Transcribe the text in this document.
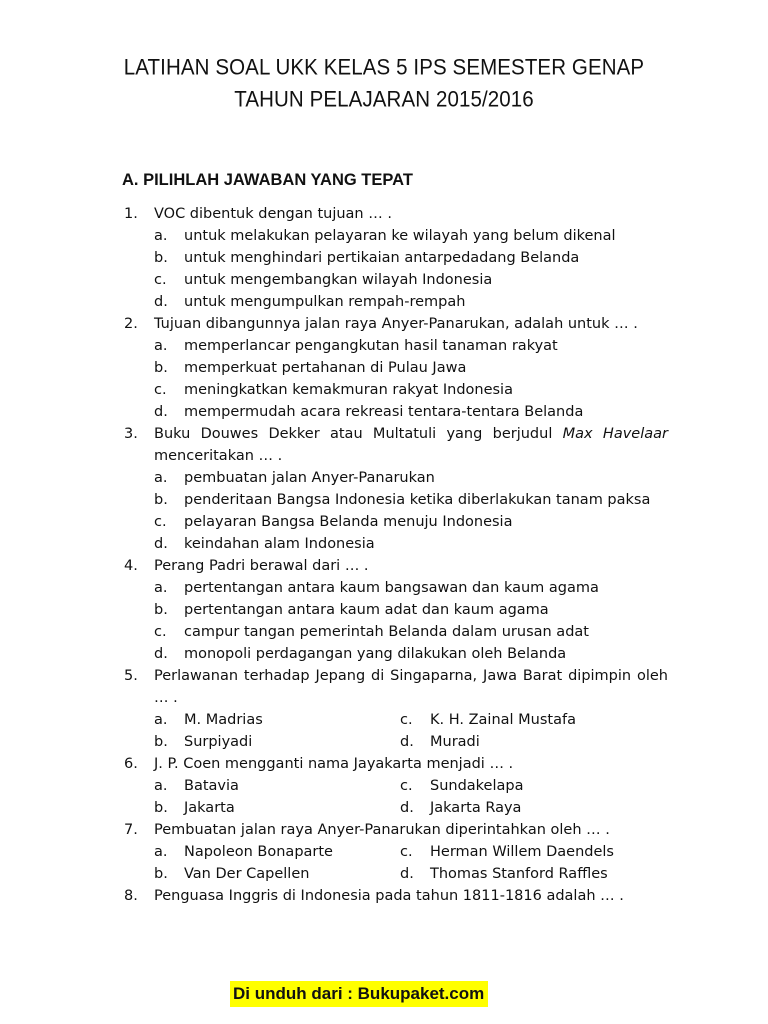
LATIHAN SOAL UKK KELAS 5 IPS SEMESTER GENAP
TAHUN PELAJARAN 2015/2016
A. PILIHLAH JAWABAN YANG TEPAT
1. VOC dibentuk dengan tujuan … .
a. untuk melakukan pelayaran ke wilayah yang belum dikenal
b. untuk menghindari pertikaian antarpedadang Belanda
c. untuk mengembangkan wilayah Indonesia
d. untuk mengumpulkan rempah-rempah
2. Tujuan dibangunnya jalan raya Anyer-Panarukan, adalah untuk … .
a. memperlancar pengangkutan hasil tanaman rakyat
b. memperkuat pertahanan di Pulau Jawa
c. meningkatkan kemakmuran rakyat Indonesia
d. mempermudah acara rekreasi tentara-tentara Belanda
3. Buku Douwes Dekker atau Multatuli yang berjudul Max Havelaar menceritakan … .
a. pembuatan jalan Anyer-Panarukan
b. penderitaan Bangsa Indonesia ketika diberlakukan tanam paksa
c. pelayaran Bangsa Belanda menuju Indonesia
d. keindahan alam Indonesia
4. Perang Padri berawal dari … .
a. pertentangan antara kaum bangsawan dan kaum agama
b. pertentangan antara kaum adat dan kaum agama
c. campur tangan pemerintah Belanda dalam urusan adat
d. monopoli perdagangan yang dilakukan oleh Belanda
5. Perlawanan terhadap Jepang di Singaparna, Jawa Barat dipimpin oleh … .
a. M. Madrias
b. Surpiyadi
c. K. H. Zainal Mustafa
d. Muradi
6. J. P. Coen mengganti nama Jayakarta menjadi … .
a. Batavia
b. Jakarta
c. Sundakelapa
d. Jakarta Raya
7. Pembuatan jalan raya Anyer-Panarukan diperintahkan oleh … .
a. Napoleon Bonaparte
b. Van Der Capellen
c. Herman Willem Daendels
d. Thomas Stanford Raffles
8. Penguasa Inggris di Indonesia pada tahun 1811-1816 adalah … .
Di unduh dari : Bukupaket.com
